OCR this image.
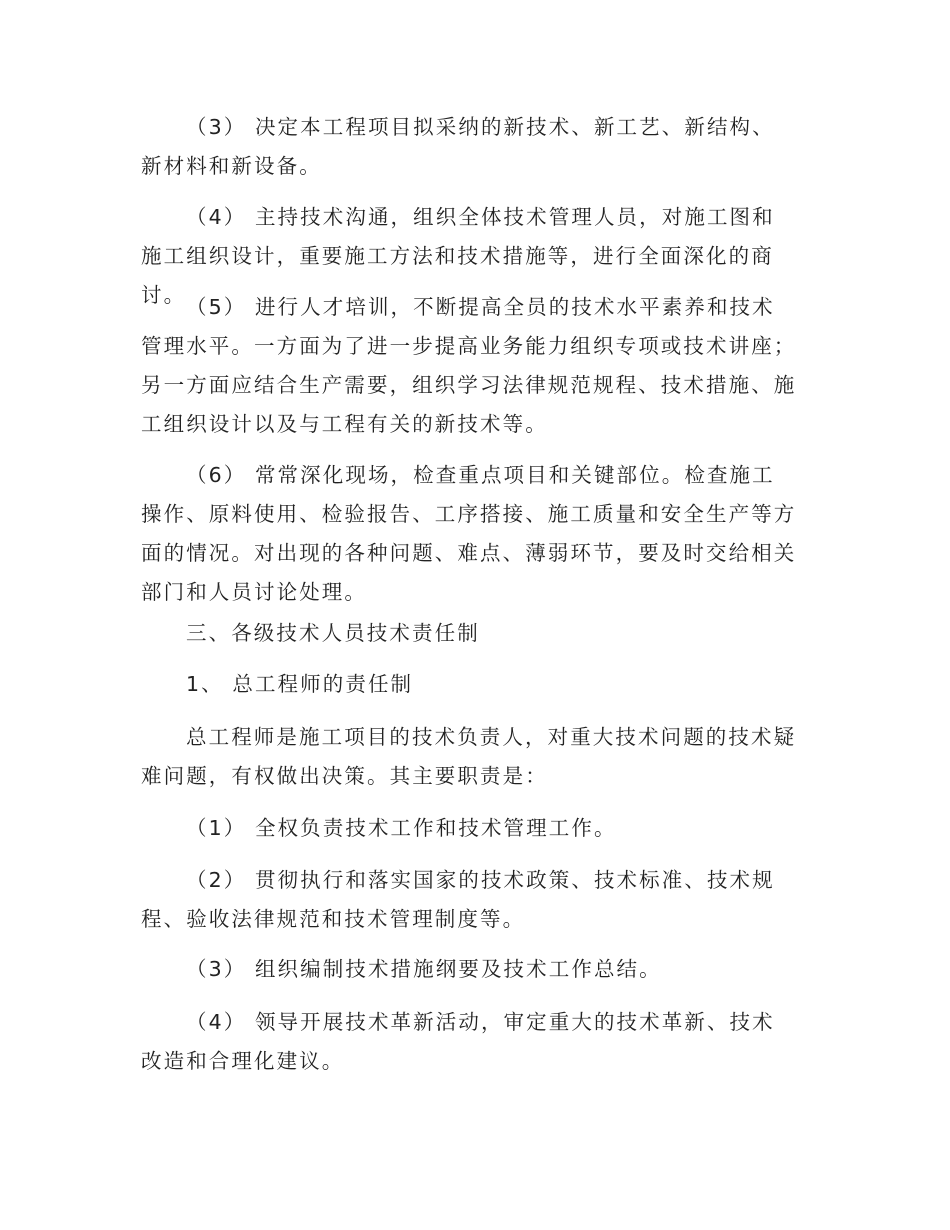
（3） 决定本工程项目拟采纳的新技术、新工艺、新结构、新材料和新设备。

（4） 主持技术沟通，组织全体技术管理人员，对施工图和施工组织设计，重要施工方法和技术措施等，进行全面深化的商讨。 （5） 进行人才培训，不断提高全员的技术水平素养和技术管理水平。一方面为了进一步提高业务能力组织专项或技术讲座；另一方面应结合生产需要，组织学习法律规范规程、技术措施、施工组织设计以及与工程有关的新技术等。

（6） 常常深化现场，检查重点项目和关键部位。检查施工操作、原料使用、检验报告、工序搭接、施工质量和安全生产等方面的情况。对出现的各种问题、难点、薄弱环节，要及时交给相关部门和人员讨论处理。

三、各级技术人员技术责任制

1、 总工程师的责任制

总工程师是施工项目的技术负责人，对重大技术问题的技术疑难问题，有权做出决策。其主要职责是：

（1） 全权负责技术工作和技术管理工作。

（2） 贯彻执行和落实国家的技术政策、技术标准、技术规程、验收法律规范和技术管理制度等。

（3） 组织编制技术措施纲要及技术工作总结。

（4） 领导开展技术革新活动，审定重大的技术革新、技术改造和合理化建议。
